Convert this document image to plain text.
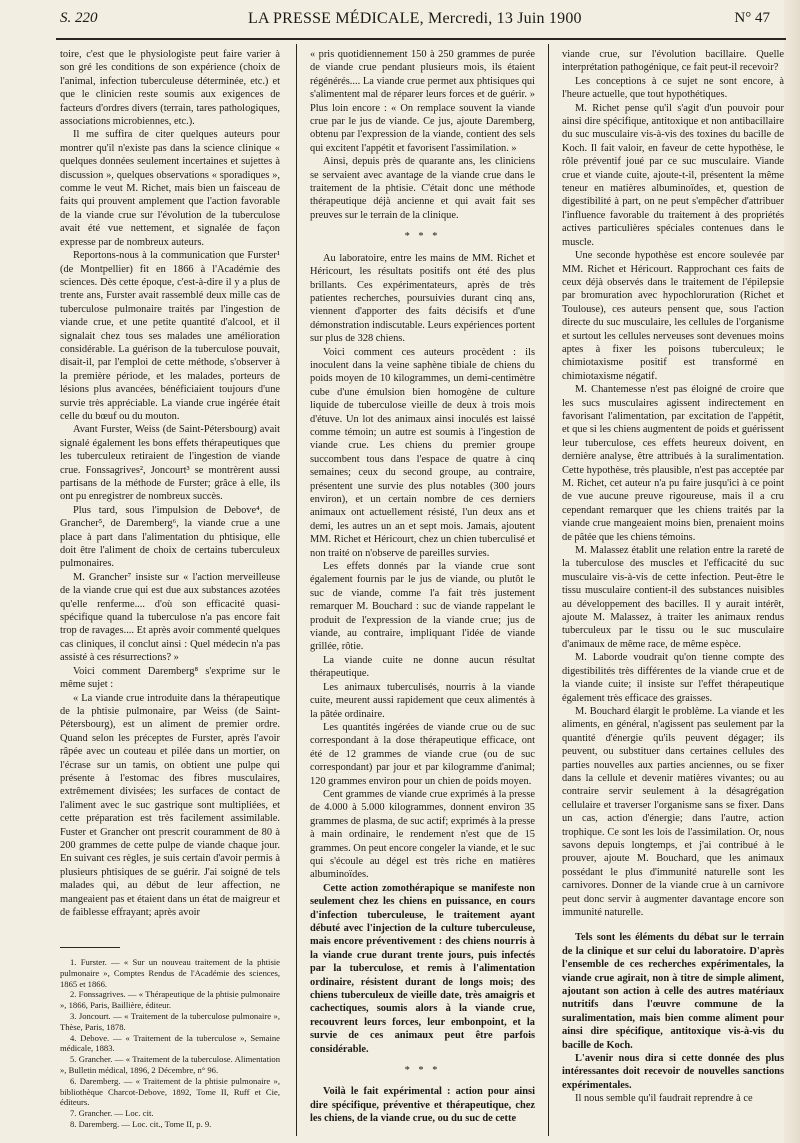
S. 220	LA PRESSE MÉDICALE, Mercredi, 13 Juin 1900	N° 47

toire, c'est que le physiologiste peut faire varier à son gré les conditions de son expérience (choix de l'animal, infection tuberculeuse déterminée, etc.) et que le clinicien reste soumis aux exigences de facteurs d'ordres divers (terrain, tares pathologiques, associations microbiennes, etc.).

Il me suffira de citer quelques auteurs pour montrer qu'il n'existe pas dans la science clinique « quelques données seulement incertaines et sujettes à discussion », quelques observations « sporadiques », comme le veut M. Richet, mais bien un faisceau de faits qui prouvent amplement que l'action favorable de la viande crue sur l'évolution de la tuberculose avait été vue nettement, et signalée de façon expresse par de nombreux auteurs.

Reportons-nous à la communication que Furster¹ (de Montpellier) fit en 1866 à l'Académie des sciences. Dès cette époque, c'est-à-dire il y a plus de trente ans, Furster avait rassemblé deux mille cas de tuberculose pulmonaire traités par l'ingestion de viande crue, et une petite quantité d'alcool, et il signalait chez tous ses malades une amélioration considérable. La guérison de la tuberculose pouvait, disait-il, par l'emploi de cette méthode, s'observer à la première période, et les malades, porteurs de lésions plus avancées, bénéficiaient toujours d'une survie très appréciable. La viande crue ingérée était celle du bœuf ou du mouton.

Avant Furster, Weiss (de Saint-Pétersbourg) avait signalé également les bons effets thérapeutiques que les tuberculeux retiraient de l'ingestion de viande crue. Fonssagrives², Joncourt³ se montrèrent aussi partisans de la méthode de Furster; grâce à elle, ils ont pu enregistrer de nombreux succès.

Plus tard, sous l'impulsion de Debove⁴, de Grancher⁵, de Daremberg⁶, la viande crue a une place à part dans l'alimentation du phtisique, elle doit être l'aliment de choix de certains tuberculeux pulmonaires.

M. Grancher⁷ insiste sur « l'action merveilleuse de la viande crue qui est due aux substances azotées qu'elle renferme.... d'où son efficacité quasi-spécifique quand la tuberculose n'a pas encore fait trop de ravages.... Et après avoir commenté quelques cas cliniques, il conclut ainsi : Quel médecin n'a pas assisté à ces résurrections? »

Voici comment Daremberg⁸ s'exprime sur le même sujet :

« La viande crue introduite dans la thérapeutique de la phtisie pulmonaire, par Weiss (de Saint-Pétersbourg), est un aliment de premier ordre. Quand selon les préceptes de Furster, après l'avoir râpée avec un couteau et pilée dans un mortier, on l'écrase sur un tamis, on obtient une pulpe qui présente à l'estomac des fibres musculaires, extrêmement divisées; les surfaces de contact de l'aliment avec le suc gastrique sont multipliées, et cette préparation est très facilement assimilable. Fuster et Grancher ont prescrit couramment de 80 à 200 grammes de cette pulpe de viande chaque jour. En suivant ces règles, je suis certain d'avoir permis à plusieurs phtisiques de se guérir. J'ai soigné de tels malades qui, au début de leur affection, ne mangeaient pas et étaient dans un état de maigreur et de faiblesse effrayant; après avoir

1. Furster. — « Sur un nouveau traitement de la phtisie pulmonaire », Comptes Rendus de l'Académie des sciences, 1865 et 1866.

2. Fonssagrives. — « Thérapeutique de la phtisie pulmonaire », 1866, Paris, Baillière, éditeur.

3. Joncourt. — « Traitement de la tuberculose pulmonaire », Thèse, Paris, 1878.

4. Debove. — « Traitement de la tuberculose », Semaine médicale, 1883.

5. Grancher. — « Traitement de la tuberculose. Alimentation », Bulletin médical, 1896, 2 Décembre, n° 96.

6. Daremberg. — « Traitement de la phtisie pulmonaire », bibliothèque Charcot-Debove, 1892, Tome II, Ruff et Cie, éditeurs.

7. Grancher. — Loc. cit.

8. Daremberg. — Loc. cit., Tome II, p. 9.

« pris quotidiennement 150 à 250 grammes de purée de viande crue pendant plusieurs mois, ils étaient régénérés.... La viande crue permet aux phtisiques qui s'alimentent mal de réparer leurs forces et de guérir. » Plus loin encore : « On remplace souvent la viande crue par le jus de viande. Ce jus, ajoute Daremberg, obtenu par l'expression de la viande, contient des sels qui excitent l'appétit et favorisent l'assimilation. »

Ainsi, depuis près de quarante ans, les cliniciens se servaient avec avantage de la viande crue dans le traitement de la phtisie. C'était donc une méthode thérapeutique déjà ancienne et qui avait fait ses preuves sur le terrain de la clinique.

* * *

Au laboratoire, entre les mains de MM. Richet et Héricourt, les résultats positifs ont été des plus brillants. Ces expérimentateurs, après de très patientes recherches, poursuivies durant cinq ans, viennent d'apporter des faits décisifs et d'une démonstration indiscutable. Leurs expériences portent sur plus de 328 chiens.

Voici comment ces auteurs procèdent : ils inoculent dans la veine saphène tibiale de chiens du poids moyen de 10 kilogrammes, un demi-centimètre cube d'une émulsion bien homogène de culture liquide de tuberculose vieille de deux à trois mois d'étuve. Un lot des animaux ainsi inoculés est laissé comme témoin; un autre est soumis à l'ingestion de viande crue. Les chiens du premier groupe succombent tous dans l'espace de quatre à cinq semaines; ceux du second groupe, au contraire, présentent une survie des plus notables (300 jours environ), et un certain nombre de ces derniers animaux ont actuellement résisté, l'un deux ans et demi, les autres un an et sept mois. Jamais, ajoutent MM. Richet et Héricourt, chez un chien tuberculisé et non traité on n'observe de pareilles survies.

Les effets donnés par la viande crue sont également fournis par le jus de viande, ou plutôt le suc de viande, comme l'a fait très justement remarquer M. Bouchard : suc de viande rappelant le produit de l'expression de la viande crue; jus de viande, au contraire, impliquant l'idée de viande grillée, rôtie.

La viande cuite ne donne aucun résultat thérapeutique.

Les animaux tuberculisés, nourris à la viande cuite, meurent aussi rapidement que ceux alimentés à la pâtée ordinaire.

Les quantités ingérées de viande crue ou de suc correspondant à la dose thérapeutique efficace, ont été de 12 grammes de viande crue (ou de suc correspondant) par jour et par kilogramme d'animal; 120 grammes environ pour un chien de poids moyen.

Cent grammes de viande crue exprimés à la presse de 4.000 à 5.000 kilogrammes, donnent environ 35 grammes de plasma, de suc actif; exprimés à la presse à main ordinaire, le rendement n'est que de 15 grammes. On peut encore congeler la viande, et le suc qui s'écoule au dégel est très riche en matières albuminoïdes.

Cette action zomothérapique se manifeste non seulement chez les chiens en puissance, en cours d'infection tuberculeuse, le traitement ayant débuté avec l'injection de la culture tuberculeuse, mais encore préventivement : des chiens nourris à la viande crue durant trente jours, puis infectés par la tuberculose, et remis à l'alimentation ordinaire, résistent durant de longs mois; des chiens tuberculeux de vieille date, très amaigris et cachectiques, soumis alors à la viande crue, recouvrent leurs forces, leur embonpoint, et la survie de ces animaux peut être parfois considérable.

* * *

Voilà le fait expérimental : action pour ainsi dire spécifique, préventive et thérapeutique, chez les chiens, de la viande crue, ou du suc de cette

viande crue, sur l'évolution bacillaire. Quelle interprétation pathogénique, ce fait peut-il recevoir?

Les conceptions à ce sujet ne sont encore, à l'heure actuelle, que tout hypothétiques.

M. Richet pense qu'il s'agit d'un pouvoir pour ainsi dire spécifique, antitoxique et non antibacillaire du suc musculaire vis-à-vis des toxines du bacille de Koch. Il fait valoir, en faveur de cette hypothèse, le rôle préventif joué par ce suc musculaire. Viande crue et viande cuite, ajoute-t-il, présentent la même teneur en matières albuminoïdes, et, question de digestibilité à part, on ne peut s'empêcher d'attribuer l'influence favorable du traitement à des propriétés actives particulières spéciales contenues dans le muscle.

Une seconde hypothèse est encore soulevée par MM. Richet et Héricourt. Rapprochant ces faits de ceux déjà observés dans le traitement de l'épilepsie par bromuration avec hypochloruration (Richet et Toulouse), ces auteurs pensent que, sous l'action directe du suc musculaire, les cellules de l'organisme et surtout les cellules nerveuses sont devenues moins aptes à fixer les poisons tuberculeux; le chimiotaxisme positif est transformé en chimiotaxisme négatif.

M. Chantemesse n'est pas éloigné de croire que les sucs musculaires agissent indirectement en favorisant l'alimentation, par excitation de l'appétit, et que si les chiens augmentent de poids et guérissent leur tuberculose, ces effets heureux doivent, en dernière analyse, être attribués à la suralimentation. Cette hypothèse, très plausible, n'est pas acceptée par M. Richet, cet auteur n'a pu faire jusqu'ici à ce point de vue aucune preuve rigoureuse, mais il a cru cependant remarquer que les chiens traités par la viande crue mangeaient moins bien, prenaient moins de pâtée que les chiens témoins.

M. Malassez établit une relation entre la rareté de la tuberculose des muscles et l'efficacité du suc musculaire vis-à-vis de cette infection. Peut-être le tissu musculaire contient-il des substances nuisibles au développement des bacilles. Il y aurait intérêt, ajoute M. Malassez, à traiter les animaux rendus tuberculeux par le tissu ou le suc musculaire d'animaux de même race, de même espèce.

M. Laborde voudrait qu'on tienne compte des digestibilités très différentes de la viande crue et de la viande cuite; il insiste sur l'effet thérapeutique également très efficace des graisses.

M. Bouchard élargit le problème. La viande et les aliments, en général, n'agissent pas seulement par la quantité d'énergie qu'ils peuvent dégager; ils peuvent, ou substituer dans certaines cellules des parties nouvelles aux parties anciennes, ou se fixer dans la cellule et devenir matières vivantes; ou au contraire servir seulement à la désagrégation cellulaire et traverser l'organisme sans se fixer. Dans un cas, action d'énergie; dans l'autre, action trophique. Ce sont les lois de l'assimilation. Or, nous savons depuis longtemps, et j'ai contribué à le prouver, ajoute M. Bouchard, que les animaux possédant le plus d'immunité naturelle sont les carnivores. Donner de la viande crue à un carnivore peut donc servir à augmenter davantage encore son immunité naturelle.

Tels sont les éléments du débat sur le terrain de la clinique et sur celui du laboratoire. D'après l'ensemble de ces recherches expérimentales, la viande crue agirait, non à titre de simple aliment, ajoutant son action à celle des autres matériaux nutritifs dans l'œuvre commune de la suralimentation, mais bien comme aliment pour ainsi dire spécifique, antitoxique vis-à-vis du bacille de Koch.

L'avenir nous dira si cette donnée des plus intéressantes doit recevoir de nouvelles sanctions expérimentales.

Il nous semble qu'il faudrait reprendre à ce
